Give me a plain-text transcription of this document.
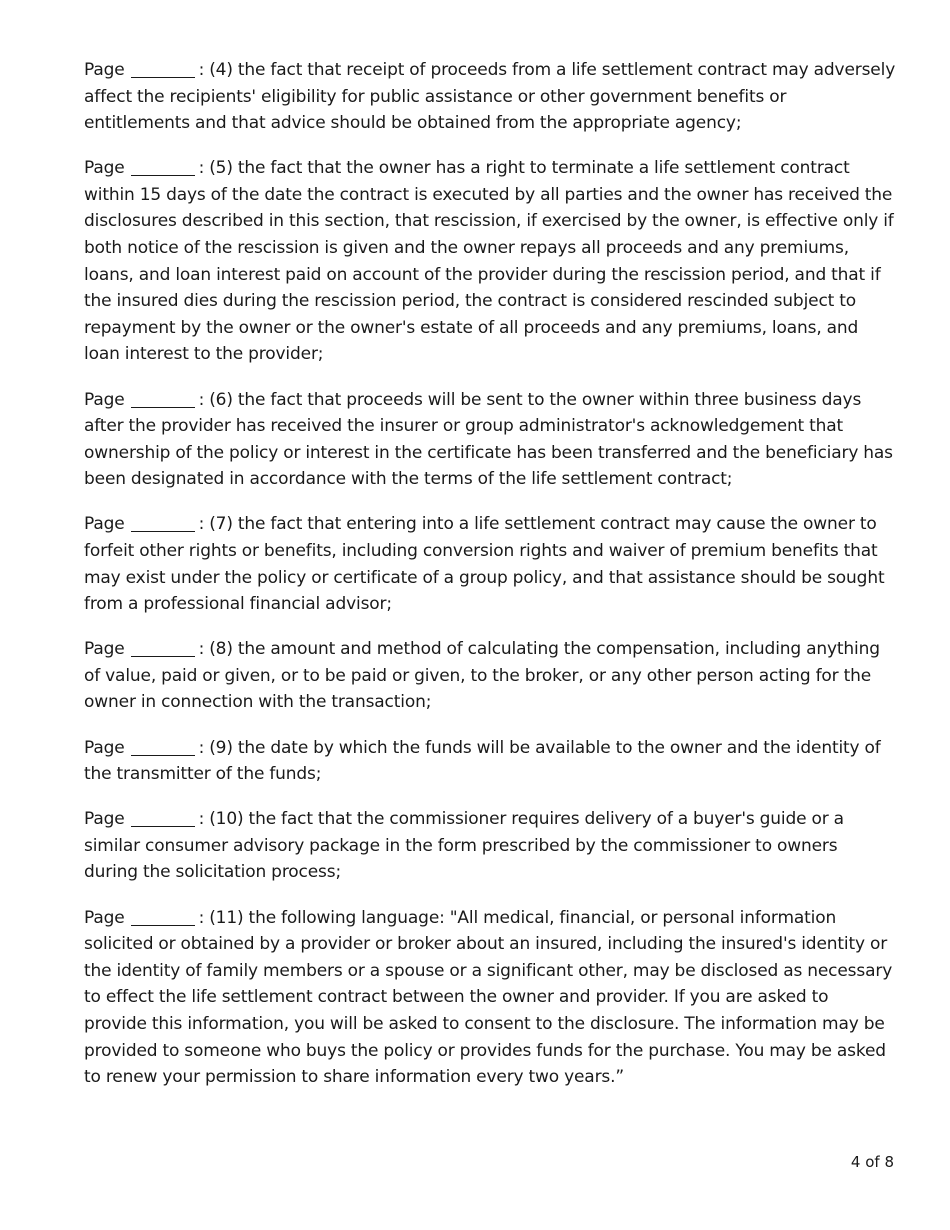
Page	: (4) the fact that receipt of proceeds from a life settlement contract may adversely affect the recipients' eligibility for public assistance or other government benefits or entitlements and that advice should be obtained from the appropriate agency;

Page	: (5) the fact that the owner has a right to terminate a life settlement contract within 15 days of the date the contract is executed by all parties and the owner has received the disclosures described in this section, that rescission, if exercised by the owner, is effective only if both notice of the rescission is given and the owner repays all proceeds and any premiums, loans, and loan interest paid on account of the provider during the rescission period, and that if the insured dies during the rescission period, the contract is considered rescinded subject to repayment by the owner or the owner's estate of all proceeds and any premiums, loans, and loan interest to the provider;

Page	: (6) the fact that proceeds will be sent to the owner within three business days after the provider has received the insurer or group administrator's acknowledgement that ownership of the policy or interest in the certificate has been transferred and the beneficiary has been designated in accordance with the terms of the life settlement contract;

Page	: (7) the fact that entering into a life settlement contract may cause the owner to forfeit other rights or benefits, including conversion rights and waiver of premium benefits that may exist under the policy or certificate of a group policy, and that assistance should be sought from a professional financial advisor;

Page	: (8) the amount and method of calculating the compensation, including anything of value, paid or given, or to be paid or given, to the broker, or any other person acting for the owner in connection with the transaction;

Page	: (9) the date by which the funds will be available to the owner and the identity of the transmitter of the funds;

Page	: (10) the fact that the commissioner requires delivery of a buyer's guide or a similar consumer advisory package in the form prescribed by the commissioner to owners during the solicitation process;

Page	: (11) the following language: "All medical, financial, or personal information solicited or obtained by a provider or broker about an insured, including the insured's identity or the identity of family members or a spouse or a significant other, may be disclosed as necessary to effect the life settlement contract between the owner and provider. If you are asked to provide this information, you will be asked to consent to the disclosure. The information may be provided to someone who buys the policy or provides funds for the purchase. You may be asked to renew your permission to share information every two years.”

4 of 8
